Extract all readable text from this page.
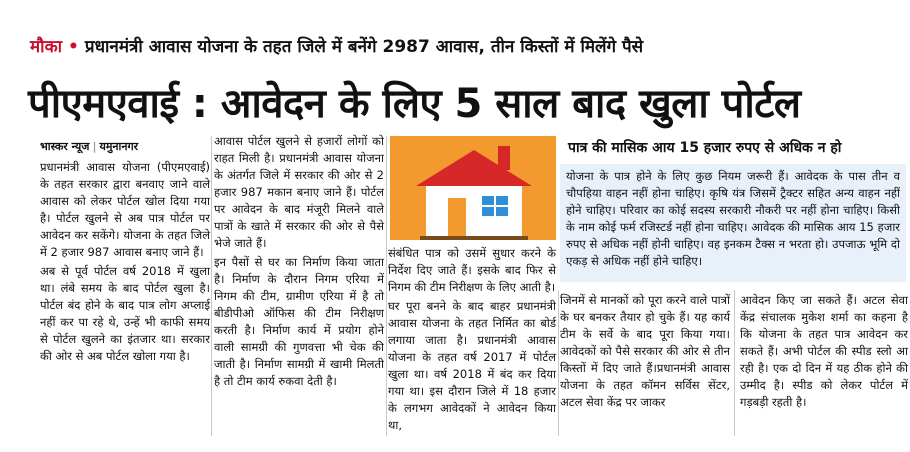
मौका • प्रधानमंत्री आवास योजना के तहत जिले में बनेंगे 2987 आवास, तीन किस्तों में मिलेंगे पैसे
पीएमएवाई : आवेदन के लिए 5 साल बाद खुला पोर्टल
भास्कर न्यूज | यमुनानगर

प्रधानमंत्री आवास योजना (पीएमएवाई) के तहत सरकार द्वारा बनवाए जाने वाले आवास को लेकर पोर्टल खोल दिया गया है। पोर्टल खुलने से अब पात्र पोर्टल पर आवेदन कर सकेंगे। योजना के तहत जिले में 2 हजार 987 आवास बनाए जाने हैं।

अब से पूर्व पोर्टल वर्ष 2018 में खुला था। लंबे समय के बाद पोर्टल खुला है। पोर्टल बंद होने के बाद पात्र लोग अप्लाई नहीं कर पा रहे थे, उन्हें भी काफी समय से पोर्टल खुलने का इंतजार था। सरकार की ओर से अब पोर्टल खोला गया है।

आवास पोर्टल खुलने से हजारों लोगों को राहत मिली है। प्रधानमंत्री आवास योजना के अंतर्गत जिले में सरकार की ओर से 2 हजार 987 मकान बनाए जाने हैं। पोर्टल पर आवेदन के बाद मंजूरी मिलने वाले पात्रों के खाते में सरकार की ओर से पैसे भेजे जाते हैं।

इन पैसों से घर का निर्माण किया जाता है। निर्माण के दौरान निगम एरिया में निगम की टीम, ग्रामीण एरिया में है तो बीडीपीओ ऑफिस की टीम निरीक्षण करती है। निर्माण कार्य में प्रयोग होने वाली सामग्री की गुणवत्ता भी चेक की जाती है। निर्माण सामग्री में खामी मिलती है तो टीम कार्य रुकवा देती है।

संबंधित पात्र को उसमें सुधार करने के निर्देश दिए जाते हैं। इसके बाद फिर से निगम की टीम निरीक्षण के लिए आती है।

घर पूरा बनने के बाद बाहर प्रधानमंत्री आवास योजना के तहत निर्मित का बोर्ड लगाया जाता है। प्रधानमंत्री आवास योजना के तहत वर्ष 2017 में पोर्टल खुला था। वर्ष 2018 में बंद कर दिया गया था। इस दौरान जिले में 18 हजार के लगभग आवेदकों ने आवेदन किया था,

पात्र की मासिक आय 15 हजार रुपए से अधिक न हो
योजना के पात्र होने के लिए कुछ नियम जरूरी हैं। आवेदक के पास तीन व चौपहिया वाहन नहीं होना चाहिए। कृषि यंत्र जिसमें ट्रैक्टर सहित अन्य वाहन नहीं होने चाहिए। परिवार का कोई सदस्य सरकारी नौकरी पर नहीं होना चाहिए। किसी के नाम कोई फर्म रजिस्टर्ड नहीं होना चाहिए। आवेदक की मासिक आय 15 हजार रुपए से अधिक नहीं होनी चाहिए। वह इनकम टैक्स न भरता हो। उपजाऊ भूमि दो एकड़ से अधिक नहीं होने चाहिए।

जिनमें से मानकों को पूरा करने वाले पात्रों के घर बनकर तैयार हो चुके हैं। यह कार्य टीम के सर्वे के बाद पूरा किया गया। आवेदकों को पैसे सरकार की ओर से तीन किस्तों में दिए जाते हैं।प्रधानमंत्री आवास योजना के तहत कॉमन सर्विस सेंटर, अटल सेवा केंद्र पर जाकर

आवेदन किए जा सकते हैं। अटल सेवा केंद्र संचालक मुकेश शर्मा का कहना है कि योजना के तहत पात्र आवेदन कर सकते हैं। अभी पोर्टल की स्पीड स्लो आ रही है। एक दो दिन में यह ठीक होने की उम्मीद है। स्पीड को लेकर पोर्टल में गड़बड़ी रहती है।
